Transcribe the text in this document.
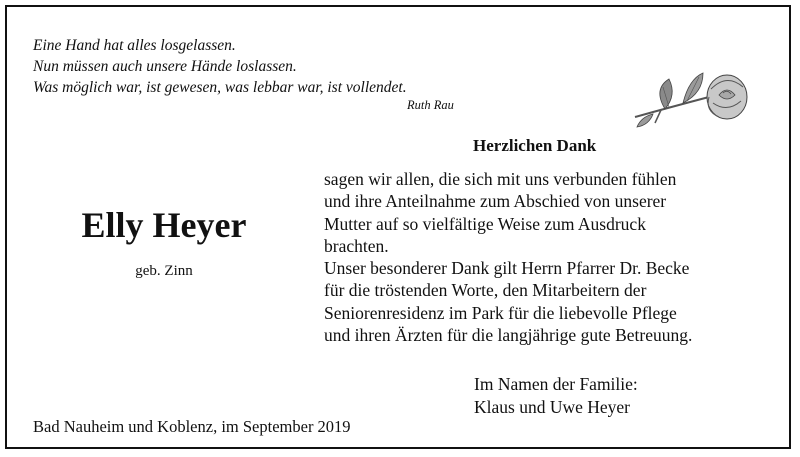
Eine Hand hat alles losgelassen.
Nun müssen auch unsere Hände loslassen.
Was möglich war, ist gewesen, was lebbar war, ist vollendet.
Ruth Rau
Herzlichen Dank
sagen wir allen, die sich mit uns verbunden fühlen
und ihre Anteilnahme zum Abschied von unserer
Mutter auf so vielfältige Weise zum Ausdruck
brachten.
Unser besonderer Dank gilt Herrn Pfarrer Dr. Becke
für die tröstenden Worte, den Mitarbeitern der
Seniorenresidenz im Park für die liebevolle Pflege
und ihren Ärzten für die langjährige gute Betreuung.
Elly Heyer
geb. Zinn
Im Namen der Familie:
Klaus und Uwe Heyer
Bad Nauheim und Koblenz, im September 2019
